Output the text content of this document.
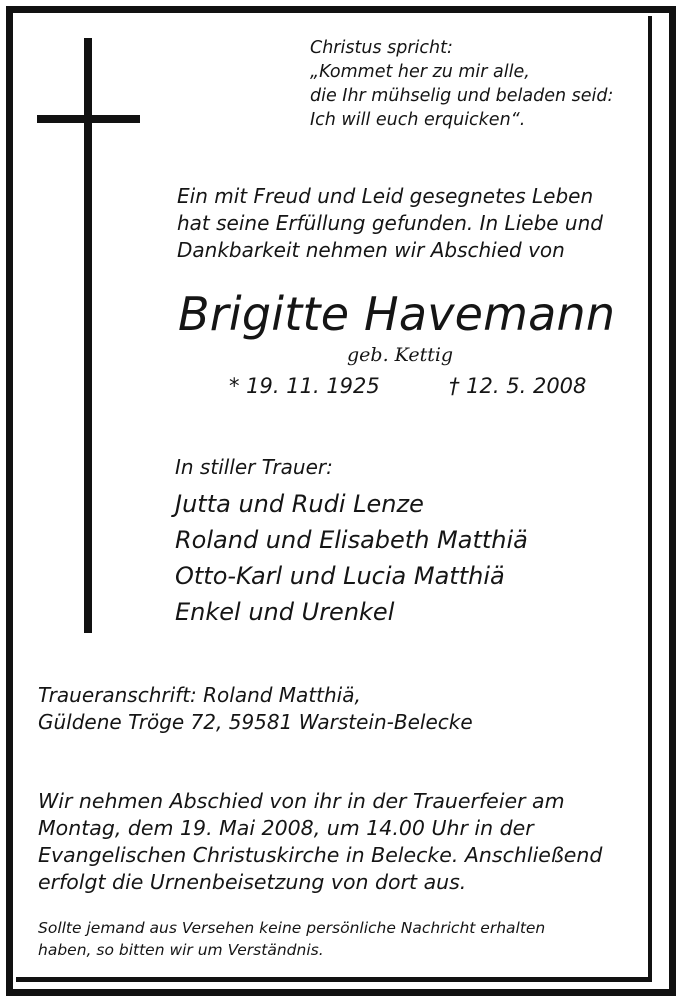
Christus spricht:

„Kommet her zu mir alle,

die Ihr mühselig und beladen seid:

Ich will euch erquicken“.

Ein mit Freud und Leid gesegnetes Leben

hat seine Erfüllung gefunden. In Liebe und

Dankbarkeit nehmen wir Abschied von

Brigitte Havemann

geb. Kettig

* 19. 11. 1925	† 12. 5. 2008

In stiller Trauer:

Jutta und Rudi Lenze

Roland und Elisabeth Matthiä

Otto-Karl und Lucia Matthiä

Enkel und Urenkel

Traueranschrift: Roland Matthiä,

Güldene Tröge 72, 59581 Warstein-Belecke

Wir nehmen Abschied von ihr in der Trauerfeier am

Montag, dem 19. Mai 2008, um 14.00 Uhr in der

Evangelischen Christuskirche in Belecke. Anschließend

erfolgt die Urnenbeisetzung von dort aus.

Sollte jemand aus Versehen keine persönliche Nachricht erhalten

haben, so bitten wir um Verständnis.
